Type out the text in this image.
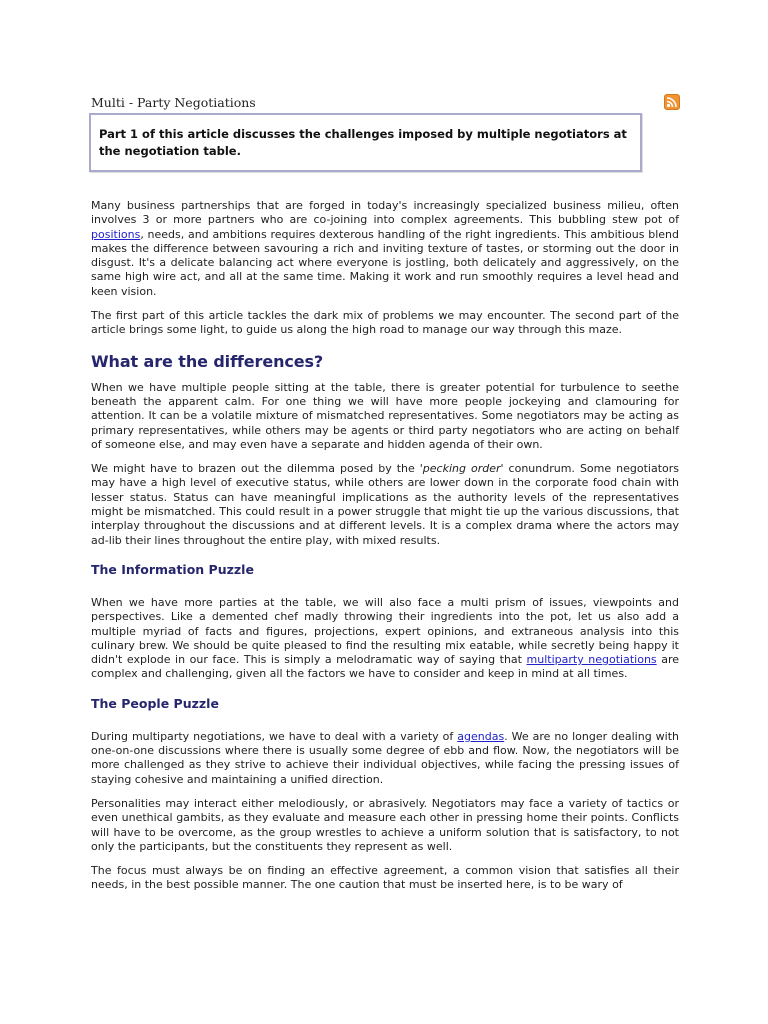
Multi - Party Negotiations
Part 1 of this article discusses the challenges imposed by multiple negotiators at the negotiation table.

Many business partnerships that are forged in today's increasingly specialized business milieu, often involves 3 or more partners who are co-joining into complex agreements. This bubbling stew pot of positions, needs, and ambitions requires dexterous handling of the right ingredients. This ambitious blend makes the difference between savouring a rich and inviting texture of tastes, or storming out the door in disgust. It's a delicate balancing act where everyone is jostling, both delicately and aggressively, on the same high wire act, and all at the same time. Making it work and run smoothly requires a level head and keen vision.

The first part of this article tackles the dark mix of problems we may encounter. The second part of the article brings some light, to guide us along the high road to manage our way through this maze.

What are the differences?

When we have multiple people sitting at the table, there is greater potential for turbulence to seethe beneath the apparent calm. For one thing we will have more people jockeying and clamouring for attention. It can be a volatile mixture of mismatched representatives. Some negotiators may be acting as primary representatives, while others may be agents or third party negotiators who are acting on behalf of someone else, and may even have a separate and hidden agenda of their own.

We might have to brazen out the dilemma posed by the 'pecking order' conundrum. Some negotiators may have a high level of executive status, while others are lower down in the corporate food chain with lesser status. Status can have meaningful implications as the authority levels of the representatives might be mismatched. This could result in a power struggle that might tie up the various discussions, that interplay throughout the discussions and at different levels. It is a complex drama where the actors may ad-lib their lines throughout the entire play, with mixed results.

The Information Puzzle

When we have more parties at the table, we will also face a multi prism of issues, viewpoints and perspectives. Like a demented chef madly throwing their ingredients into the pot, let us also add a multiple myriad of facts and figures, projections, expert opinions, and extraneous analysis into this culinary brew. We should be quite pleased to find the resulting mix eatable, while secretly being happy it didn't explode in our face. This is simply a melodramatic way of saying that multiparty negotiations are complex and challenging, given all the factors we have to consider and keep in mind at all times.

The People Puzzle

During multiparty negotiations, we have to deal with a variety of agendas. We are no longer dealing with one-on-one discussions where there is usually some degree of ebb and flow. Now, the negotiators will be more challenged as they strive to achieve their individual objectives, while facing the pressing issues of staying cohesive and maintaining a unified direction.

Personalities may interact either melodiously, or abrasively. Negotiators may face a variety of tactics or even unethical gambits, as they evaluate and measure each other in pressing home their points. Conflicts will have to be overcome, as the group wrestles to achieve a uniform solution that is satisfactory, to not only the participants, but the constituents they represent as well.

The focus must always be on finding an effective agreement, a common vision that satisfies all their needs, in the best possible manner. The one caution that must be inserted here, is to be wary of
